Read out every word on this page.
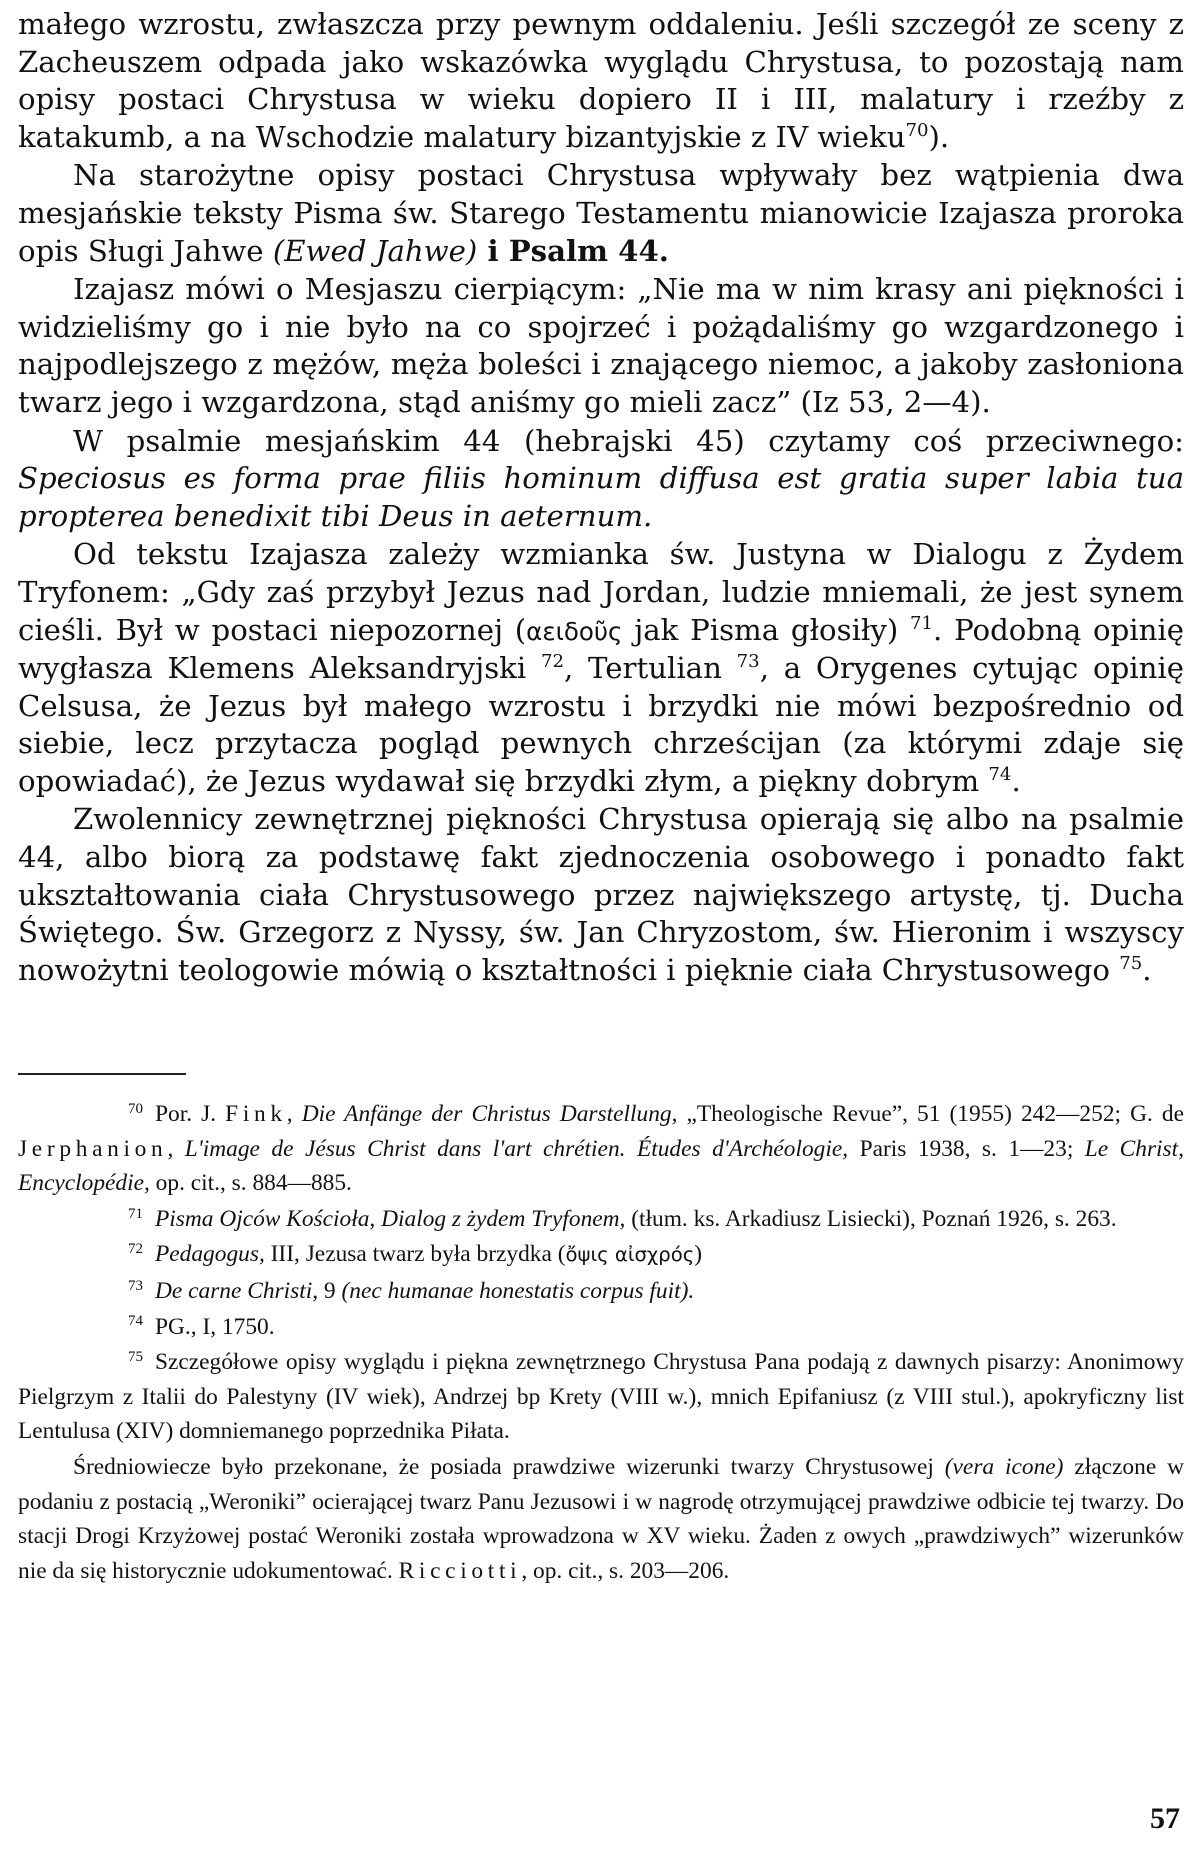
małego wzrostu, zwłaszcza przy pewnym oddaleniu. Jeśli szczegół ze sceny z Zacheuszem odpada jako wskazówka wyglądu Chrystusa, to pozostają nam opisy postaci Chrystusa w wieku dopiero II i III, malatury i rzeźby z katakumb, a na Wschodzie malatury bizantyjskie z IV wieku$^{70}$).

Na starożytne opisy postaci Chrystusa wpływały bez wątpienia dwa mesjańskie teksty Pisma św. Starego Testamentu mianowicie Izajasza proroka opis Sługi Jahwe (Ewed Jahwe) i Psalm 44.

Izajasz mówi o Mesjaszu cierpiącym: „Nie ma w nim krasy ani piękności i widzieliśmy go i nie było na co spojrzeć i pożądaliśmy go wzgardzonego i najpodlejszego z mężów, męża boleści i znającego niemoc, a jakoby zasłoniona twarz jego i wzgardzona, stąd aniśmy go mieli zacz” (Iz 53, 2—4).

W psalmie mesjańskim 44 (hebrajski 45) czytamy coś przeciwnego: Speciosus es forma prae filiis hominum diffusa est gratia super labia tua propterea benedixit tibi Deus in aeternum.

Od tekstu Izajasza zależy wzmianka św. Justyna w Dialogu z Żydem Tryfonem: „Gdy zaś przybył Jezus nad Jordan, ludzie mniemali, że jest synem cieśli. Był w postaci niepozornej (αειδοῦς jak Pisma głosiły) $^{71}$. Podobną opinię wygłasza Klemens Aleksandryjski $^{72}$, Tertulian $^{73}$, a Orygenes cytując opinię Celsusa, że Jezus był małego wzrostu i brzydki nie mówi bezpośrednio od siebie, lecz przytacza pogląd pewnych chrześcijan (za którymi zdaje się opowiadać), że Jezus wydawał się brzydki złym, a piękny dobrym $^{74}$.

Zwolennicy zewnętrznej piękności Chrystusa opierają się albo na psalmie 44, albo biorą za podstawę fakt zjednoczenia osobowego i ponadto fakt ukształtowania ciała Chrystusowego przez największego artystę, tj. Ducha Świętego. Św. Grzegorz z Nyssy, św. Jan Chryzostom, św. Hieronim i wszyscy nowożytni teologowie mówią o kształtności i pięknie ciała Chrystusowego $^{75}$.

70 Por. J. Fink, Die Anfänge der Christus Darstellung, „Theologische Revue”, 51 (1955) 242—252; G. de Jerphanion, L'image de Jésus Christ dans l'art chrétien. Études d'Archéologie, Paris 1938, s. 1—23; Le Christ, Encyclopédie, op. cit., s. 884—885.

71 Pisma Ojców Kościoła, Dialog z żydem Tryfonem, (tłum. ks. Arkadiusz Lisiecki), Poznań 1926, s. 263.

72 Pedagogus, III, Jezusa twarz była brzydka (ὄψις αἰσχρός)

73 De carne Christi, 9 (nec humanae honestatis corpus fuit).

74 PG., I, 1750.

75 Szczegółowe opisy wyglądu i piękna zewnętrznego Chrystusa Pana podają z dawnych pisarzy: Anonimowy Pielgrzym z Italii do Palestyny (IV wiek), Andrzej bp Krety (VIII w.), mnich Epifaniusz (z VIII stul.), apokryficzny list Lentulusa (XIV) domniemanego poprzednika Piłata.

Średniowiecze było przekonane, że posiada prawdziwe wizerunki twarzy Chrystusowej (vera icone) złączone w podaniu z postacią „Weroniki” ocierającej twarz Panu Jezusowi i w nagrodę otrzymującej prawdziwe odbicie tej twarzy. Do stacji Drogi Krzyżowej postać Weroniki została wprowadzona w XV wieku. Żaden z owych „prawdziwych” wizerunków nie da się historycznie udokumentować. Ricciotti, op. cit., s. 203—206.

57
